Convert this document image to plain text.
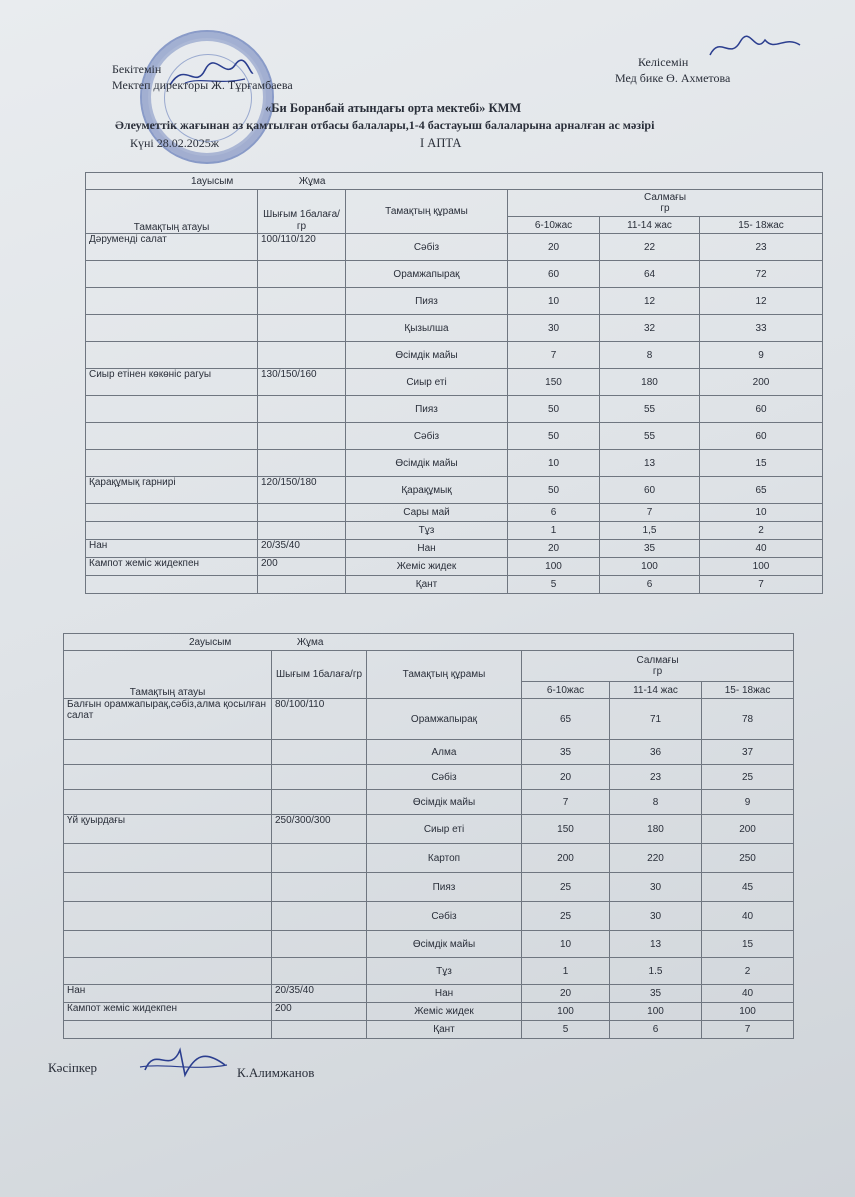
Бекітемін
Мектеп директоры Ж. Тұрғамбаева
Келісемін
Мед бике Ө. Ахметова
«Би Боранбай атындағы орта мектебі» КММ
Әлеуметтік жағынан аз қамтылған отбасы балалары,1-4 бастауыш балаларына арналған ас мәзірі
Күні 28.02.2025ж	I АПТА
1ауысым Жұма					
Тамақтың атауы	Шығым 1балаға/гр	Тамақтың құрамы	Салмағы
гр		

			6-10жас	11-14 жас	15- 18жас
Дәруменді салат	100/110/120	Сәбіз	20	22	23
		Орамжапырақ	60	64	72
		Пияз	10	12	12
		Қызылша	30	32	33
		Өсімдік майы	7	8	9
Сиыр етінен көкөніс рагуы	130/150/160	Сиыр еті	150	180	200
		Пияз	50	55	60
		Сәбіз	50	55	60
		Өсімдік майы	10	13	15
Қарақұмық гарнирі	120/150/180	Қарақұмық	50	60	65
		Сары май	6	7	10
		Тұз	1	1,5	2
Нан	20/35/40	Нан	20	35	40
Кампот жеміс жидекпен	200	Жеміс жидек	100	100	100
		Қант	5	6	7
2ауысым Жұма					
Тамақтың атауы	Шығым 1балаға/гр	Тамақтың құрамы	Салмағы
гр		

			6-10жас	11-14 жас	15- 18жас
Балғын орамжапырақ,сәбіз,алма қосылған салат	80/100/110	Орамжапырақ	65	71	78
		Алма	35	36	37
		Сәбіз	20	23	25
		Өсімдік майы	7	8	9
Үй қуырдағы	250/300/300	Сиыр еті	150	180	200
		Картоп	200	220	250
		Пияз	25	30	45
		Сәбіз	25	30	40
		Өсімдік майы	10	13	15
		Тұз	1	1.5	2
Нан	20/35/40	Нан	20	35	40
Кампот жеміс жидекпен	200	Жеміс жидек	100	100	100
		Қант	5	6	7
Кәсіпкер	К.Алимжанов
